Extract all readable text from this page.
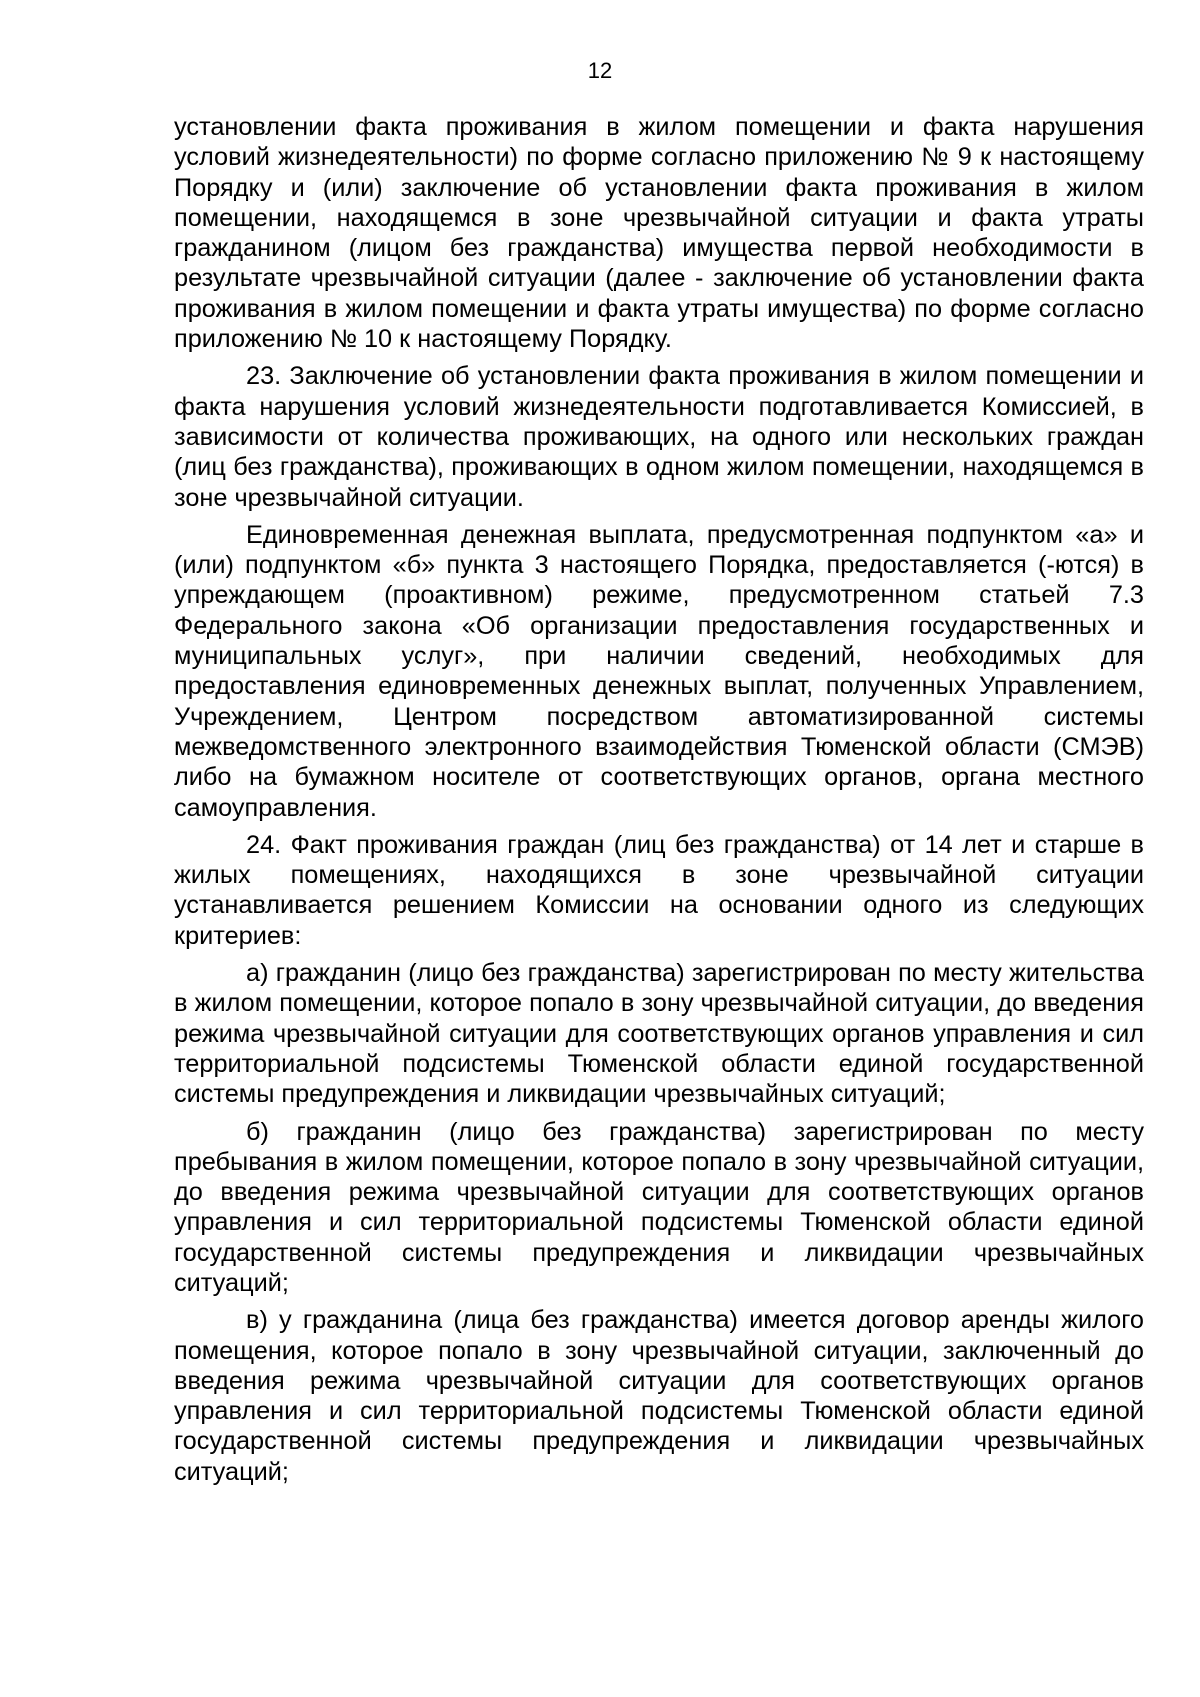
12

установлении факта проживания в жилом помещении и факта нарушения условий жизнедеятельности) по форме согласно приложению № 9 к настоящему Порядку и (или) заключение об установлении факта проживания в жилом помещении, находящемся в зоне чрезвычайной ситуации и факта утраты гражданином (лицом без гражданства) имущества первой необходимости в результате чрезвычайной ситуации (далее - заключение об установлении факта проживания в жилом помещении и факта утраты имущества) по форме согласно приложению № 10 к настоящему Порядку.

23. Заключение об установлении факта проживания в жилом помещении и факта нарушения условий жизнедеятельности подготавливается Комиссией, в зависимости от количества проживающих, на одного или нескольких граждан (лиц без гражданства), проживающих в одном жилом помещении, находящемся в зоне чрезвычайной ситуации.

Единовременная денежная выплата, предусмотренная подпунктом «а» и (или) подпунктом «б» пункта 3 настоящего Порядка, предоставляется (-ются) в упреждающем (проактивном) режиме, предусмотренном статьей 7.3 Федерального закона «Об организации предоставления государственных и муниципальных услуг», при наличии сведений, необходимых для предоставления единовременных денежных выплат, полученных Управлением, Учреждением, Центром посредством автоматизированной системы межведомственного электронного взаимодействия Тюменской области (СМЭВ) либо на бумажном носителе от соответствующих органов, органа местного самоуправления.

24. Факт проживания граждан (лиц без гражданства) от 14 лет и старше в жилых помещениях, находящихся в зоне чрезвычайной ситуации устанавливается решением Комиссии на основании одного из следующих критериев:

а) гражданин (лицо без гражданства) зарегистрирован по месту жительства в жилом помещении, которое попало в зону чрезвычайной ситуации, до введения режима чрезвычайной ситуации для соответствующих органов управления и сил территориальной подсистемы Тюменской области единой государственной системы предупреждения и ликвидации чрезвычайных ситуаций;

б) гражданин (лицо без гражданства) зарегистрирован по месту пребывания в жилом помещении, которое попало в зону чрезвычайной ситуации, до введения режима чрезвычайной ситуации для соответствующих органов управления и сил территориальной подсистемы Тюменской области единой государственной системы предупреждения и ликвидации чрезвычайных ситуаций;

в) у гражданина (лица без гражданства) имеется договор аренды жилого помещения, которое попало в зону чрезвычайной ситуации, заключенный до введения режима чрезвычайной ситуации для соответствующих органов управления и сил территориальной подсистемы Тюменской области единой государственной системы предупреждения и ликвидации чрезвычайных ситуаций;
